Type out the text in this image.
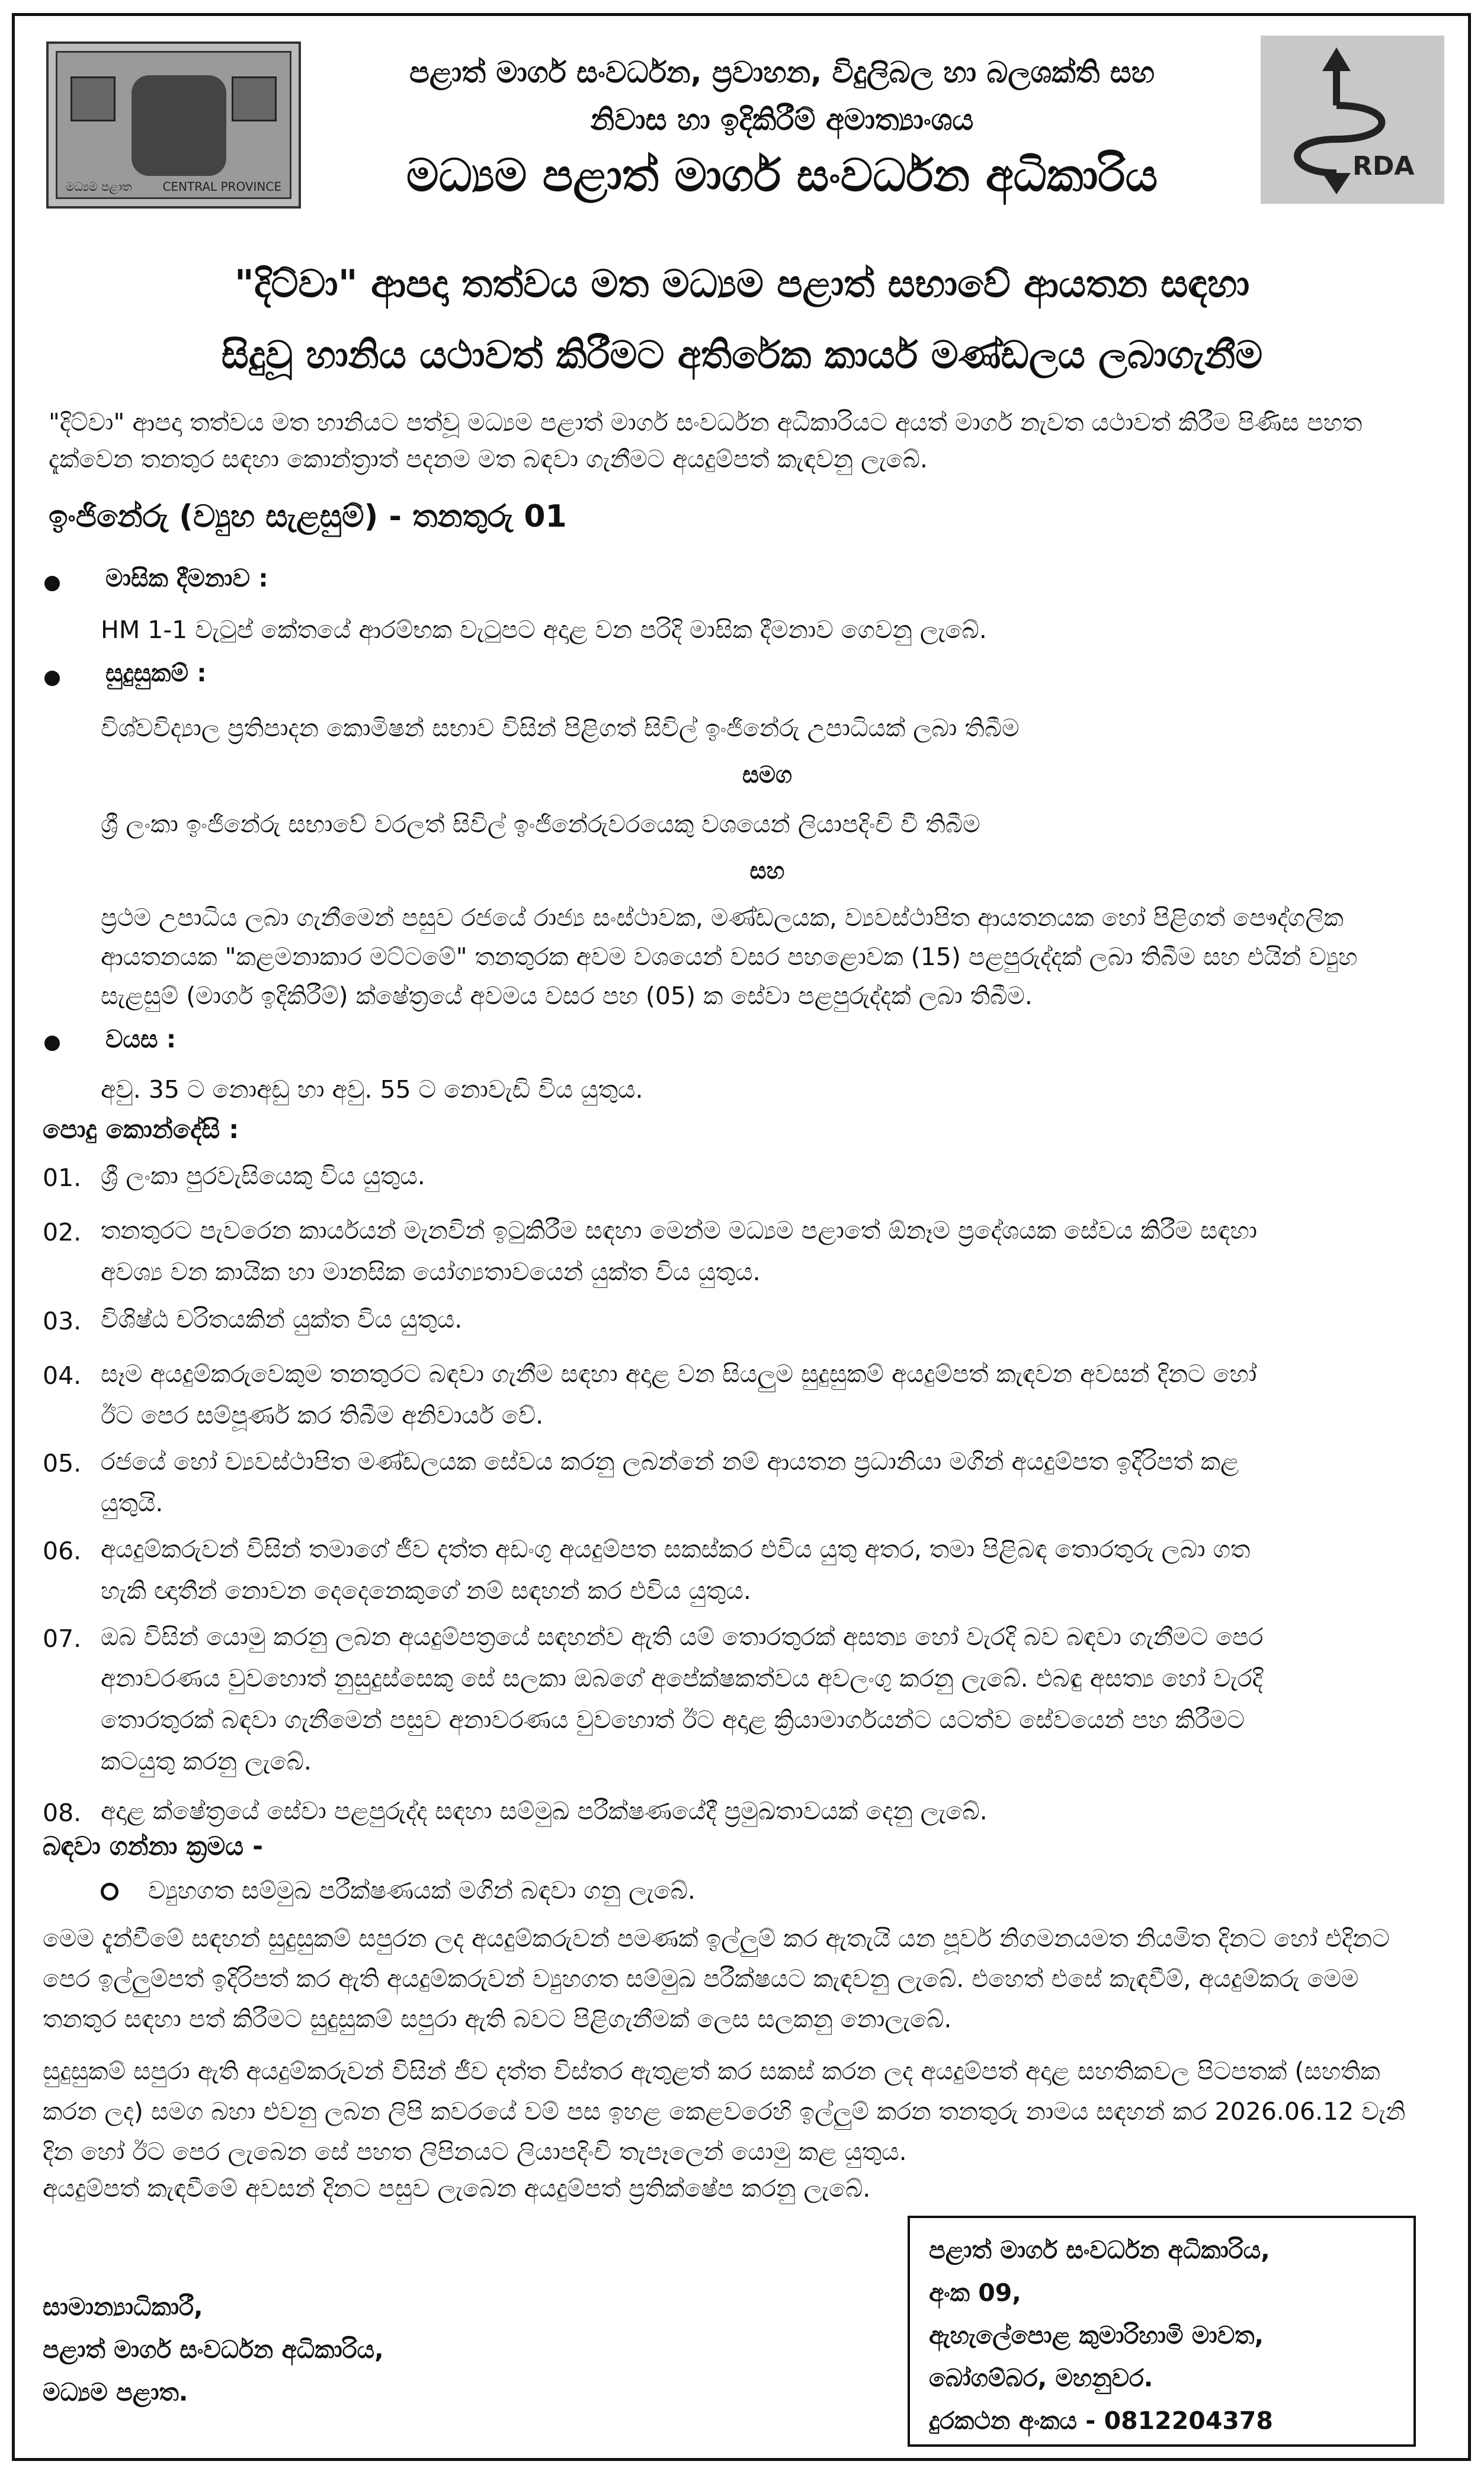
මධ්‍යම පළාත	CENTRAL PROVINCE
RDA
පළාත් මාර්ග සංවර්ධන, ප්‍රවාහන, විදුලිබල හා බලශක්ති සහ
නිවාස හා ඉදිකිරීම් අමාත්‍යාංශය
මධ්‍යම පළාත් මාර්ග සංවර්ධන අධිකාරිය
"දිට්වා" ආපදා තත්වය මත මධ්‍යම පළාත් සභාවේ ආයතන සඳහා
සිදුවූ හානිය යථාවත් කිරීමට අතිරේක කාර්ය මණ්ඩලය ලබාගැනීම
"දිට්වා" ආපදා තත්වය මත හානියට පත්වූ මධ්‍යම පළාත් මාර්ග සංවර්ධන අධිකාරියට අයත් මාර්ග නැවත යථාවත් කිරීම පිණිස පහත දැක්වෙන තනතුර සඳහා කොන්ත්‍රාත් පදනම මත බඳවා ගැනීමට අයදුම්පත් කැඳවනු ලැබේ.
ඉංජිනේරු (ව්‍යුහ සැළසුම්) - තනතුරු 01
මාසික දීමනාව :
HM 1-1 වැටුප් කේතයේ ආරම්භක වැටුපට අදාළ වන පරිදි මාසික දීමනාව ගෙවනු ලැබේ.
සුදුසුකම් :
විශ්වවිද්‍යාල ප්‍රතිපාදන කොමිෂන් සභාව විසින් පිළිගත් සිවිල් ඉංජිනේරු උපාධියක් ලබා තිබීම
සමග
ශ්‍රී ලංකා ඉංජිනේරු සභාවේ වරලත් සිවිල් ඉංජිනේරුවරයෙකු වශයෙන් ලියාපදිංචි වී තිබීම
සහ
ප්‍රථම උපාධිය ලබා ගැනීමෙන් පසුව රජයේ රාජ්‍ය සංස්ථාවක, මණ්ඩලයක, ව්‍යවස්ථාපිත ආයතනයක හෝ පිළිගත් පෞද්ගලික ආයතනයක "කළමනාකාර මට්ටමේ" තනතුරක අවම වශයෙන් වසර පහළොවක (15) පළපුරුද්දක් ලබා තිබීම සහ එයින් ව්‍යුහ සැළසුම් (මාර්ග ඉදිකිරීම්) ක්ෂේත්‍රයේ අවමය වසර පහ (05) ක සේවා පළපුරුද්දක් ලබා තිබීම.
වයස :
අවු. 35 ට නොඅඩු හා අවු. 55 ට නොවැඩි විය යුතුය.
පොදු කොන්දේසි :
01. ශ්‍රී ලංකා පුරවැසියෙකු විය යුතුය.
02. තනතුරට පැවරෙන කාර්යයන් මැනවින් ඉටුකිරීම සඳහා මෙන්ම මධ්‍යම පළාතේ ඕනෑම ප්‍රදේශයක සේවය කිරීම සඳහා
අවශ්‍ය වන කායික හා මානසික යෝග්‍යතාවයෙන් යුක්ත විය යුතුය.
03. විශිෂ්ඨ චරිතයකින් යුක්ත විය යුතුය.
04. සෑම අයදුම්කරුවෙකුම තනතුරට බඳවා ගැනීම සඳහා අදාළ වන සියලුම සුදුසුකම් අයදුම්පත් කැඳවන අවසන් දිනට හෝ
ඊට පෙර සම්පූර්ණ කර තිබීම අනිවාර්ය වේ.
05. රජයේ හෝ ව්‍යවස්ථාපිත මණ්ඩලයක සේවය කරනු ලබන්නේ නම් ආයතන ප්‍රධානියා මගින් අයදුම්පත ඉදිරිපත් කළ
යුතුයි.
06. අයදුම්කරුවන් විසින් තමාගේ ජීව දත්ත අඩංගු අයදුම්පත සකස්කර එවිය යුතු අතර, තමා පිළිබඳ තොරතුරු ලබා ගත
හැකි ඥාතීන් නොවන දෙදෙනෙකුගේ නම් සඳහන් කර එවිය යුතුය.
07. ඔබ විසින් යොමු කරනු ලබන අයදුම්පත්‍රයේ සඳහන්ව ඇති යම් තොරතුරක් අසත්‍ය හෝ වැරදි බව බඳවා ගැනීමට පෙර
අනාවරණය වුවහොත් නුසුදුස්සෙකු සේ සලකා ඔබගේ අපේක්ෂකත්වය අවලංගු කරනු ලැබේ. එබඳු අසත්‍ය හෝ වැරදි
තොරතුරක් බඳවා ගැනීමෙන් පසුව අනාවරණය වුවහොත් ඊට අදාළ ක්‍රියාමාර්ගයන්ට යටත්ව සේවයෙන් පහ කිරීමට
කටයුතු කරනු ලැබේ.
08. අදාළ ක්ෂේත්‍රයේ සේවා පළපුරුද්ද සඳහා සම්මුඛ පරීක්ෂණයේදී ප්‍රමුඛතාවයක් දෙනු ලැබේ.
බඳවා ගන්නා ක්‍රමය -
ව්‍යුහගත සම්මුඛ පරීක්ෂණයක් මගින් බඳවා ගනු ලැබේ.
මෙම දැන්වීමේ සඳහන් සුදුසුකම් සපුරන ලද අයදුම්කරුවන් පමණක් ඉල්ලුම් කර ඇතැයි යන පූර්ව නිගමනයමත නියමිත දිනට හෝ එදිනට පෙර ඉල්ලුම්පත් ඉදිරිපත් කර ඇති අයදුම්කරුවන් ව්‍යුහගත සම්මුඛ පරීක්ෂයට කැඳවනු ලැබේ. එහෙත් එසේ කැඳවීම්, අයදුම්කරු මෙම තනතුර සඳහා පත් කිරීමට සුදුසුකම් සපුරා ඇති බවට පිළිගැනීමක් ලෙස සලකනු නොලැබේ.
සුදුසුකම් සපුරා ඇති අයදුම්කරුවන් විසින් ජීව දත්ත විස්තර ඇතුළත් කර සකස් කරන ලද අයදුම්පත් අදාළ සහතිකවල පිටපතක් (සහතික කරන ලද) සමග බහා එවනු ලබන ලිපි කවරයේ වම් පස ඉහළ කෙළවරෙහි ඉල්ලුම් කරන තනතුරු නාමය සඳහන් කර 2026.06.12 වැනි දින හෝ ඊට පෙර ලැබෙන සේ පහත ලිපිනයට ලියාපදිංචි තැපෑලෙන් යොමු කළ යුතුය.
අයදුම්පත් කැඳවීමේ අවසන් දිනට පසුව ලැබෙන අයදුම්පත් ප්‍රතික්ෂේප කරනු ලැබේ.
පළාත් මාර්ග සංවර්ධන අධිකාරිය,
අංක 09,
ඇහැලේපොළ කුමාරිහාමි මාවත,
බෝගම්බර, මහනුවර.
දුරකථන අංකය - 0812204378
සාමාන්‍යාධිකාරී,
පළාත් මාර්ග සංවර්ධන අධිකාරිය,
මධ්‍යම පළාත.
